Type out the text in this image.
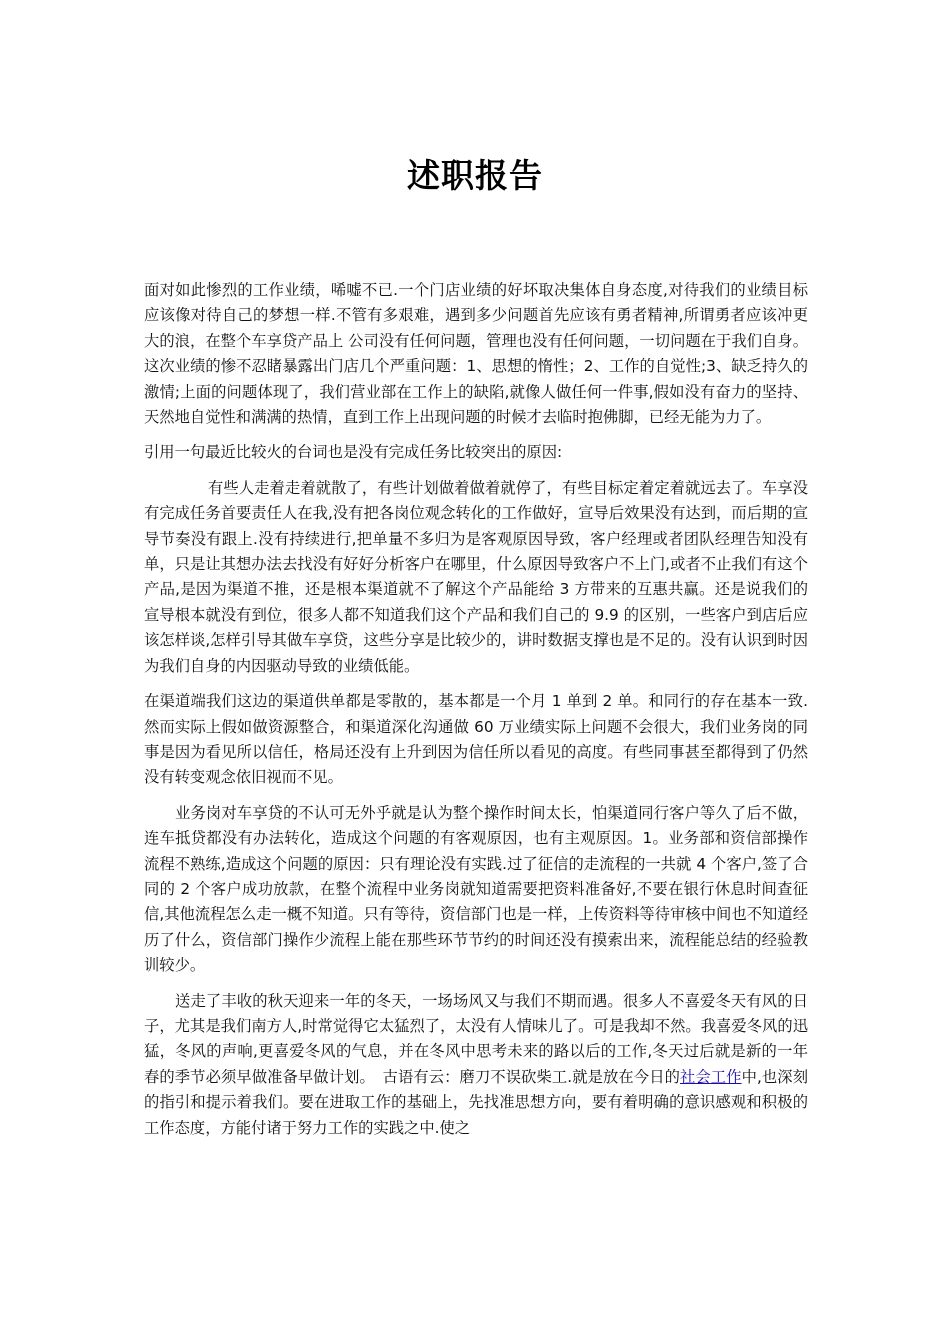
述职报告

面对如此惨烈的工作业绩，唏嘘不已.一个门店业绩的好坏取决集体自身态度,对待我们的业绩目标应该像对待自己的梦想一样.不管有多艰难，遇到多少问题首先应该有勇者精神,所谓勇者应该冲更大的浪，在整个车享贷产品上 公司没有任何问题，管理也没有任何问题，一切问题在于我们自身。这次业绩的惨不忍睹暴露出门店几个严重问题：1、思想的惰性；2、工作的自觉性;3、缺乏持久的激情;上面的问题体现了，我们营业部在工作上的缺陷,就像人做任何一件事,假如没有奋力的坚持、天然地自觉性和满满的热情，直到工作上出现问题的时候才去临时抱佛脚，已经无能为力了。

引用一句最近比较火的台词也是没有完成任务比较突出的原因:

有些人走着走着就散了，有些计划做着做着就停了，有些目标定着定着就远去了。车享没有完成任务首要责任人在我,没有把各岗位观念转化的工作做好，宣导后效果没有达到，而后期的宣导节奏没有跟上.没有持续进行,把单量不多归为是客观原因导致，客户经理或者团队经理告知没有单，只是让其想办法去找没有好好分析客户在哪里，什么原因导致客户不上门,或者不止我们有这个产品,是因为渠道不推，还是根本渠道就不了解这个产品能给 3 方带来的互惠共赢。还是说我们的宣导根本就没有到位，很多人都不知道我们这个产品和我们自己的 9.9 的区别，一些客户到店后应该怎样谈,怎样引导其做车享贷，这些分享是比较少的，讲时数据支撑也是不足的。没有认识到时因为我们自身的内因驱动导致的业绩低能。

在渠道端我们这边的渠道供单都是零散的，基本都是一个月 1 单到 2 单。和同行的存在基本一致.然而实际上假如做资源整合，和渠道深化沟通做 60 万业绩实际上问题不会很大，我们业务岗的同事是因为看见所以信任，格局还没有上升到因为信任所以看见的高度。有些同事甚至都得到了仍然没有转变观念依旧视而不见。

业务岗对车享贷的不认可无外乎就是认为整个操作时间太长，怕渠道同行客户等久了后不做，连车抵贷都没有办法转化，造成这个问题的有客观原因，也有主观原因。1。业务部和资信部操作流程不熟练,造成这个问题的原因：只有理论没有实践.过了征信的走流程的一共就 4 个客户,签了合同的 2 个客户成功放款，在整个流程中业务岗就知道需要把资料准备好,不要在银行休息时间查征信,其他流程怎么走一概不知道。只有等待，资信部门也是一样，上传资料等待审核中间也不知道经历了什么，资信部门操作少流程上能在那些环节节约的时间还没有摸索出来，流程能总结的经验教训较少。

送走了丰收的秋天迎来一年的冬天，一场场风又与我们不期而遇。很多人不喜爱冬天有风的日子，尤其是我们南方人,时常觉得它太猛烈了，太没有人情味儿了。可是我却不然。我喜爱冬风的迅猛，冬风的声响,更喜爱冬风的气息，并在冬风中思考未来的路以后的工作,冬天过后就是新的一年春的季节必须早做准备早做计划。　古语有云：磨刀不误砍柴工.就是放在今日的社会工作中,也深刻的指引和提示着我们。要在进取工作的基础上，先找准思想方向，要有着明确的意识感观和积极的工作态度，方能付诸于努力工作的实践之中.使之
